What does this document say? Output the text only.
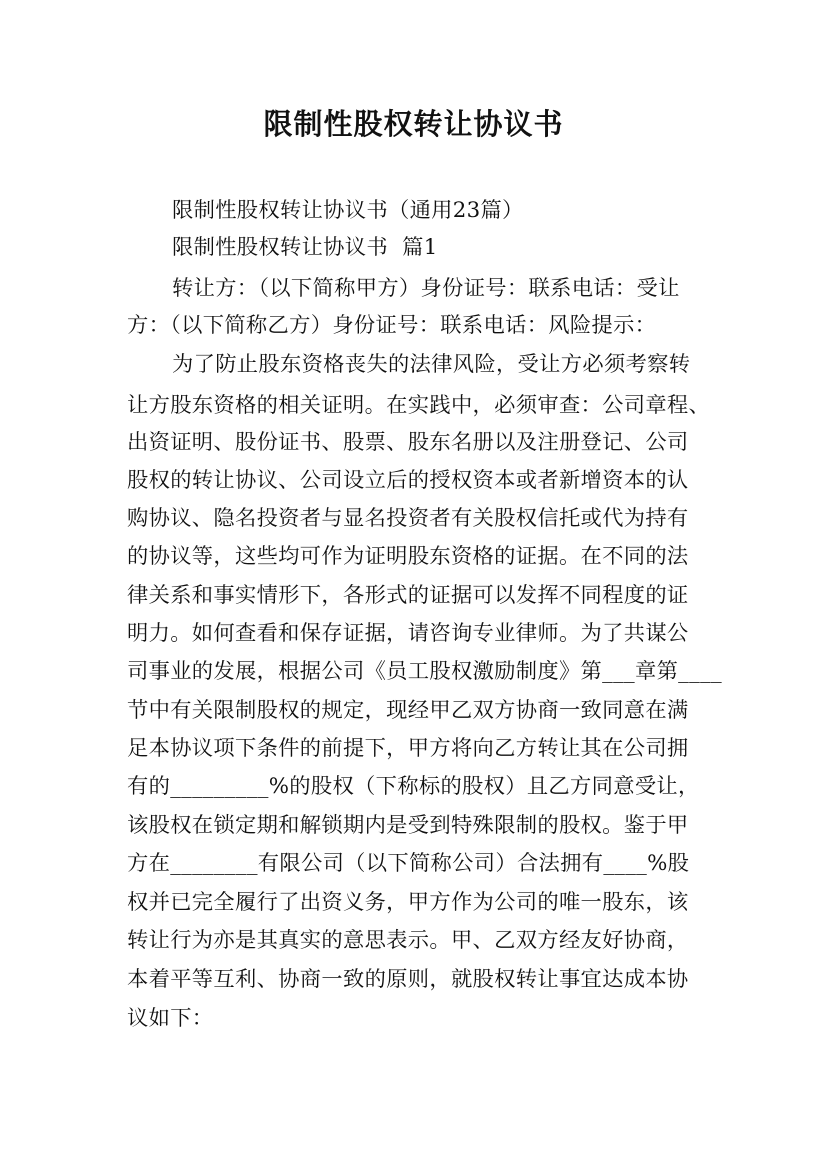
限制性股权转让协议书

限制性股权转让协议书（通用23篇）

限制性股权转让协议书  篇1

转让方：（以下简称甲方）身份证号：联系电话：受让

方：（以下简称乙方）身份证号：联系电话：风险提示：

为了防止股东资格丧失的法律风险，受让方必须考察转

让方股东资格的相关证明。在实践中，必须审查：公司章程、

出资证明、股份证书、股票、股东名册以及注册登记、公司

股权的转让协议、公司设立后的授权资本或者新增资本的认

购协议、隐名投资者与显名投资者有关股权信托或代为持有

的协议等，这些均可作为证明股东资格的证据。在不同的法

律关系和事实情形下，各形式的证据可以发挥不同程度的证

明力。如何查看和保存证据，请咨询专业律师。为了共谋公

司事业的发展，根据公司《员工股权激励制度》第___章第____

节中有关限制股权的规定，现经甲乙双方协商一致同意在满

足本协议项下条件的前提下，甲方将向乙方转让其在公司拥

有的_________%的股权（下称标的股权）且乙方同意受让，

该股权在锁定期和解锁期内是受到特殊限制的股权。鉴于甲

方在________有限公司（以下简称公司）合法拥有____%股

权并已完全履行了出资义务，甲方作为公司的唯一股东，该

转让行为亦是其真实的意思表示。甲、乙双方经友好协商，

本着平等互利、协商一致的原则，就股权转让事宜达成本协

议如下：
